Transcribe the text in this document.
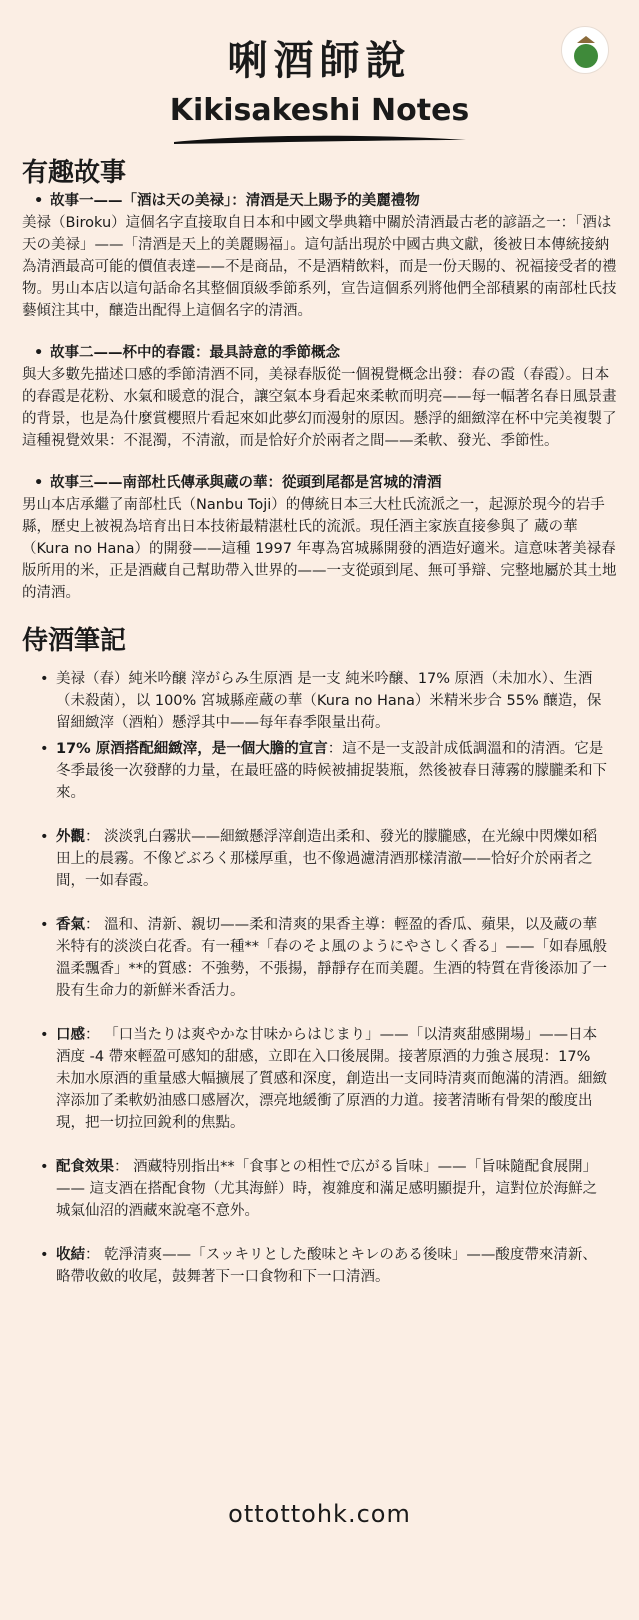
唎酒師說
Kikisakeshi Notes
有趣故事
• 故事一——「酒は天の美禄」：清酒是天上賜予的美麗禮物
美禄（Biroku）這個名字直接取自日本和中國文學典籍中關於清酒最古老的諺語之一：「酒は天の美禄」——「清酒是天上的美麗賜福」。這句話出現於中國古典文獻，後被日本傳統接納為清酒最高可能的價值表達——不是商品，不是酒精飲料，而是一份天賜的、祝福接受者的禮物。男山本店以這句話命名其整個頂級季節系列，宣告這個系列將他們全部積累的南部杜氏技藝傾注其中，釀造出配得上這個名字的清酒。
• 故事二——杯中的春霞：最具詩意的季節概念
與大多數先描述口感的季節清酒不同，美禄春版從一個視覺概念出發：春の霞（春霞）。日本的春霞是花粉、水氣和暖意的混合，讓空氣本身看起來柔軟而明亮——每一幅著名春日風景畫的背景，也是為什麼賞櫻照片看起來如此夢幻而漫射的原因。懸浮的細緻滓在杯中完美複製了這種視覺效果：不混濁，不清澈，而是恰好介於兩者之間——柔軟、發光、季節性。
• 故事三——南部杜氏傳承與蔵の華：從頭到尾都是宮城的清酒
男山本店承繼了南部杜氏（Nanbu Toji）的傳統日本三大杜氏流派之一，起源於現今的岩手縣，歷史上被視為培育出日本技術最精湛杜氏的流派。現任酒主家族直接參與了 蔵の華（Kura no Hana）的開發——這種 1997 年專為宮城縣開發的酒造好適米。這意味著美禄春版所用的米，正是酒藏自己幫助帶入世界的——一支從頭到尾、無可爭辯、完整地屬於其土地的清酒。
侍酒筆記
• 美禄（春）純米吟醸 滓がらみ生原酒 是一支 純米吟醸、17% 原酒（未加水）、生酒（未殺菌），以 100% 宮城縣産蔵の華（Kura no Hana）米精米步合 55% 釀造，保留細緻滓（酒粕）懸浮其中——每年春季限量出荷。
• 17% 原酒搭配細緻滓，是一個大膽的宣言：這不是一支設計成低調溫和的清酒。它是冬季最後一次發酵的力量，在最旺盛的時候被捕捉裝瓶，然後被春日薄霧的朦朧柔和下來。
• 外觀： 淡淡乳白霧狀——細緻懸浮滓創造出柔和、發光的朦朧感，在光線中閃爍如稻田上的晨霧。不像どぶろく那樣厚重，也不像過濾清酒那樣清澈——恰好介於兩者之間，一如春霞。
• 香氣： 溫和、清新、親切——柔和清爽的果香主導：輕盈的香瓜、蘋果，以及蔵の華米特有的淡淡白花香。有一種**「春のそよ風のようにやさしく香る」——「如春風般溫柔飄香」**的質感：不強勢，不張揚，靜靜存在而美麗。生酒的特質在背後添加了一股有生命力的新鮮米香活力。
• 口感： 「口当たりは爽やかな甘味からはじまり」——「以清爽甜感開場」——日本酒度 -4 帶來輕盈可感知的甜感，立即在入口後展開。接著原酒的力強さ展現：17% 未加水原酒的重量感大幅擴展了質感和深度，創造出一支同時清爽而飽滿的清酒。細緻滓添加了柔軟奶油感口感層次，漂亮地緩衝了原酒的力道。接著清晰有骨架的酸度出現，把一切拉回銳利的焦點。
• 配食效果： 酒藏特別指出**「食事との相性で広がる旨味」——「旨味隨配食展開」—— 這支酒在搭配食物（尤其海鮮）時，複雜度和滿足感明顯提升，這對位於海鮮之城氣仙沼的酒藏來說毫不意外。
• 收結： 乾淨清爽——「スッキリとした酸味とキレのある後味」——酸度帶來清新、略帶收斂的收尾，鼓舞著下一口食物和下一口清酒。
ottottohk.com
